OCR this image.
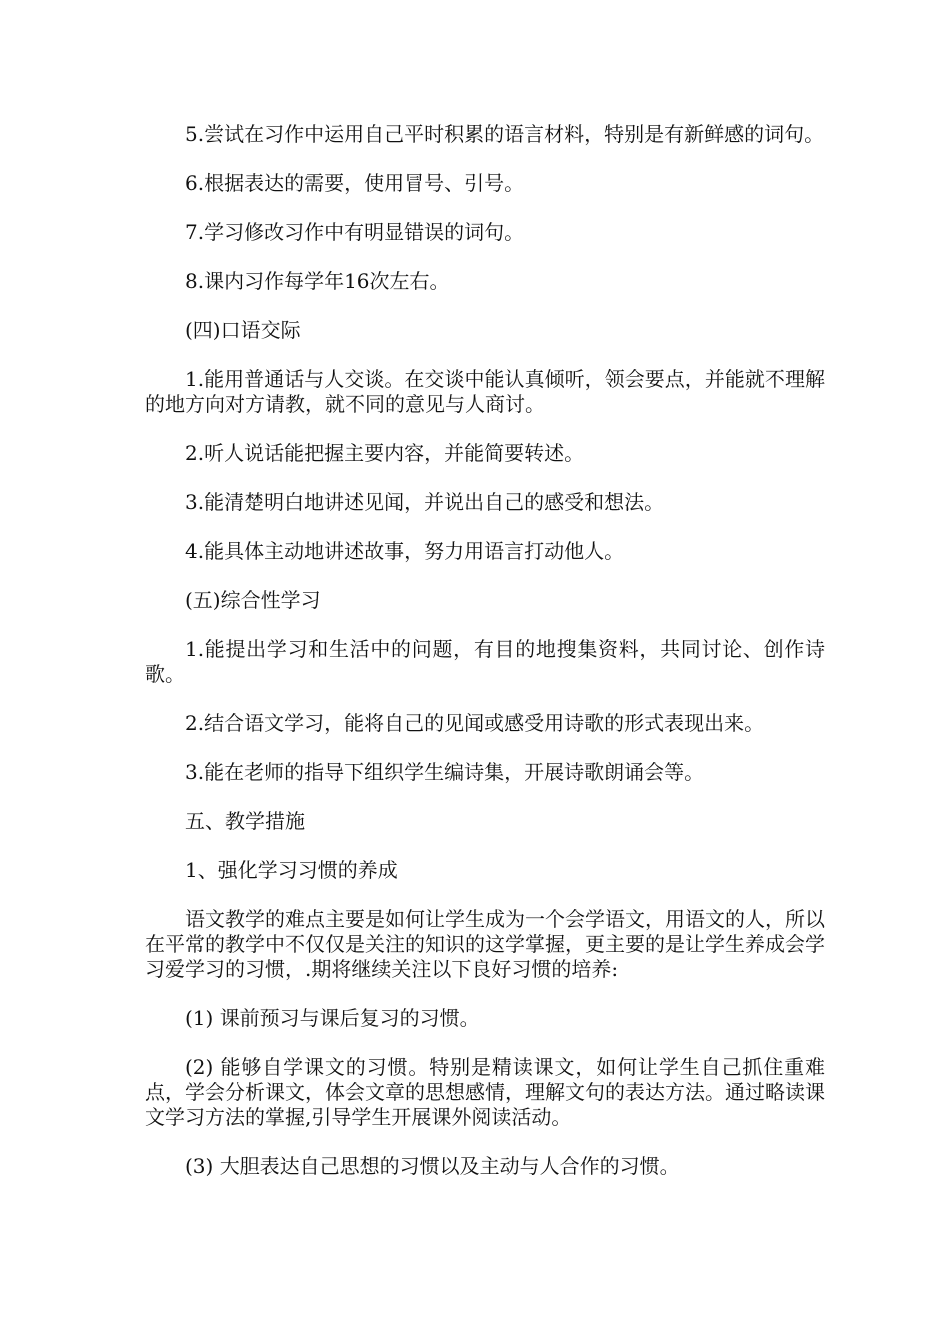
5.尝试在习作中运用自己平时积累的语言材料，特别是有新鲜感的词句。

6.根据表达的需要，使用冒号、引号。

7.学习修改习作中有明显错误的词句。

8.课内习作每学年16次左右。

(四)口语交际

1.能用普通话与人交谈。在交谈中能认真倾听，领会要点，并能就不理解的地方向对方请教，就不同的意见与人商讨。

2.听人说话能把握主要内容，并能简要转述。

3.能清楚明白地讲述见闻，并说出自己的感受和想法。

4.能具体主动地讲述故事，努力用语言打动他人。

(五)综合性学习

1.能提出学习和生活中的问题，有目的地搜集资料，共同讨论、创作诗歌。

2.结合语文学习，能将自己的见闻或感受用诗歌的形式表现出来。

3.能在老师的指导下组织学生编诗集，开展诗歌朗诵会等。

五、教学措施

1、强化学习习惯的养成

语文教学的难点主要是如何让学生成为一个会学语文，用语文的人，所以在平常的教学中不仅仅是关注的知识的这学掌握，更主要的是让学生养成会学习爱学习的习惯，.期将继续关注以下良好习惯的培养:

(1) 课前预习与课后复习的习惯。

(2) 能够自学课文的习惯。特别是精读课文，如何让学生自己抓住重难点，学会分析课文，体会文章的思想感情，理解文句的表达方法。通过略读课文学习方法的掌握,引导学生开展课外阅读活动。

(3) 大胆表达自己思想的习惯以及主动与人合作的习惯。
